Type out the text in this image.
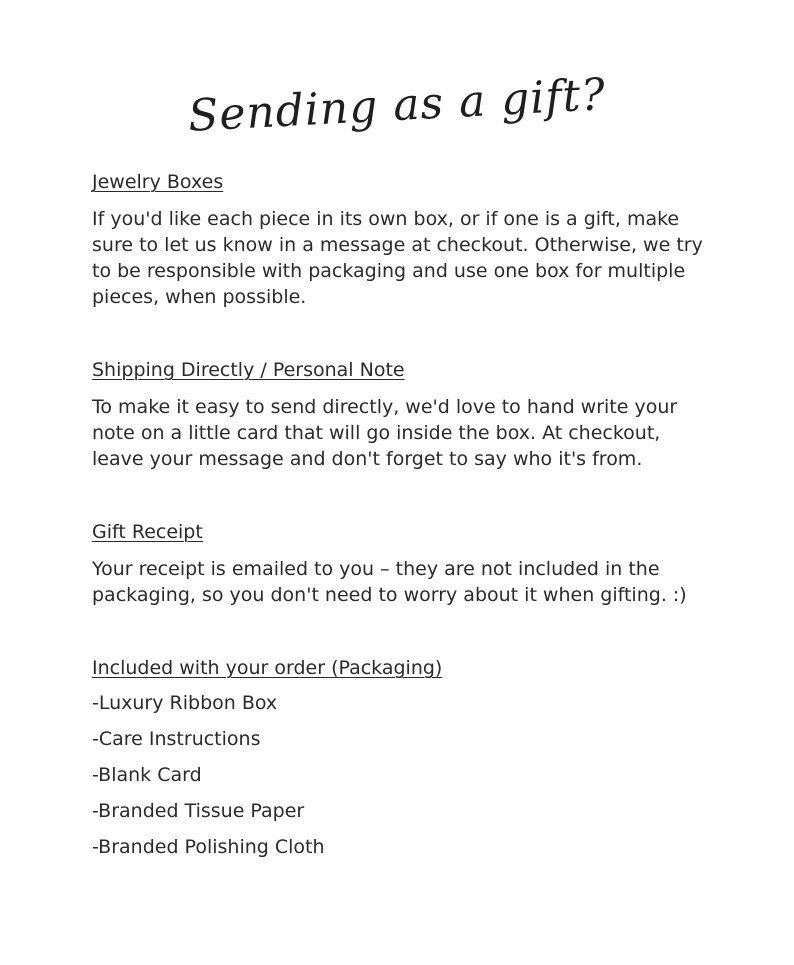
Sending as a gift?

Jewelry Boxes

If you'd like each piece in its own box, or if one is a gift, make sure to let us know in a message at checkout. Otherwise, we try to be responsible with packaging and use one box for multiple pieces, when possible.

Shipping Directly / Personal Note

To make it easy to send directly, we'd love to hand write your note on a little card that will go inside the box. At checkout, leave your message and don't forget to say who it's from.

Gift Receipt

Your receipt is emailed to you – they are not included in the packaging, so you don't need to worry about it when gifting. :)

Included with your order (Packaging)

-Luxury Ribbon Box
-Care Instructions
-Blank Card
-Branded Tissue Paper
-Branded Polishing Cloth
